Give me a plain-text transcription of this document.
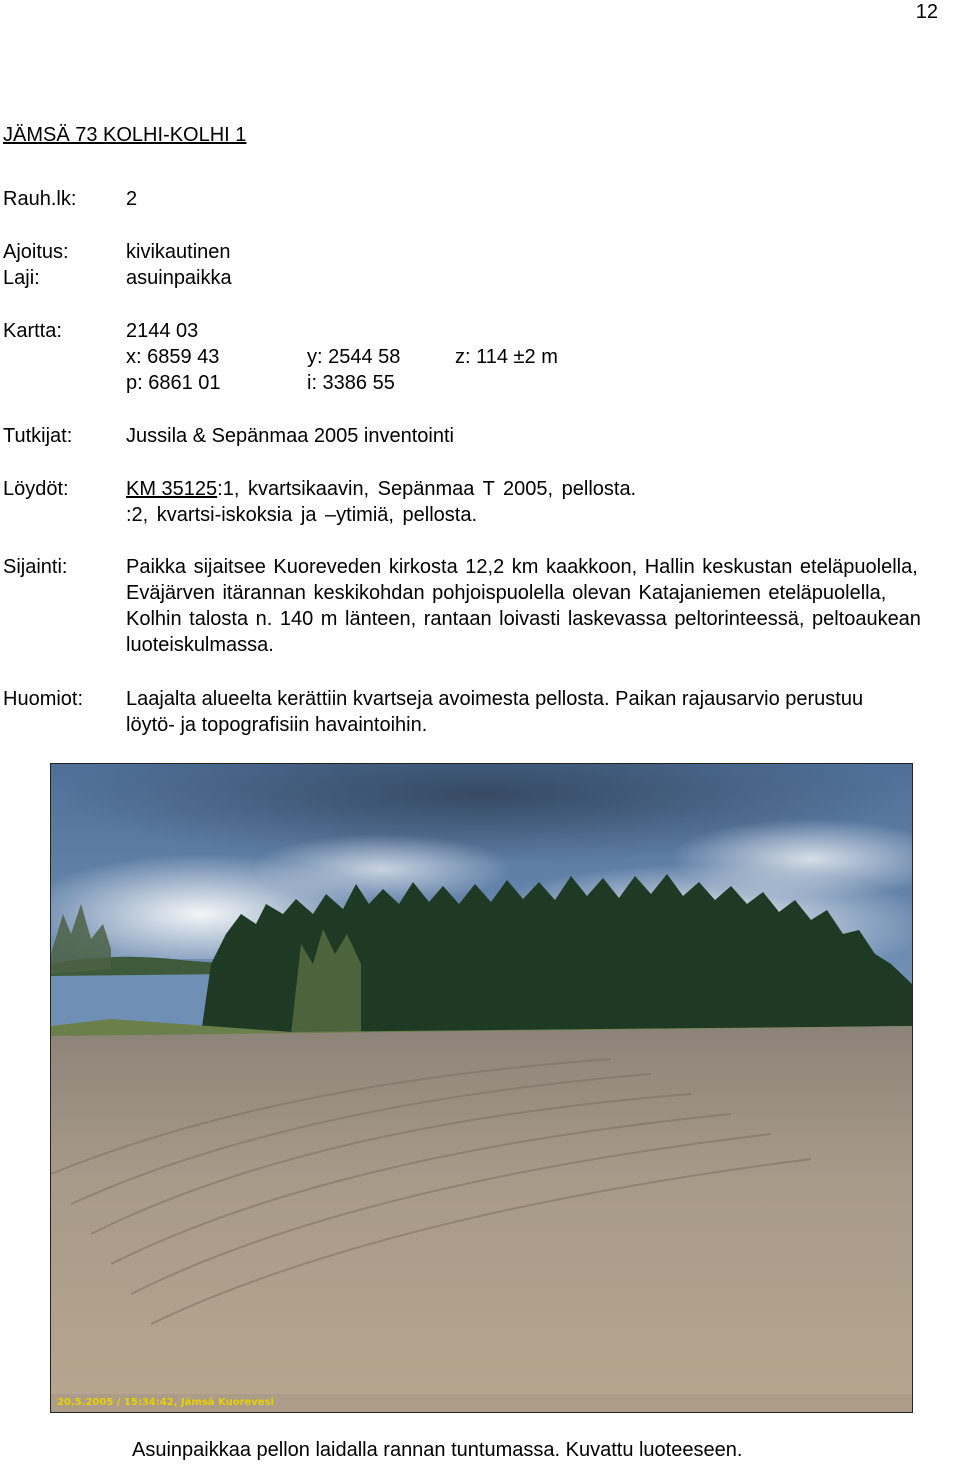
12
JÄMSÄ 73 KOLHI-KOLHI 1
Rauh.lk: 2
Ajoitus:	kivikautinen
Laji:	asuinpaikka
Kartta:	2144 03
x: 6859 43	y: 2544 58	z: 114 ±2 m
p: 6861 01	i: 3386 55
Tutkijat:	Jussila & Sepänmaa 2005 inventointi
Löydöt:	KM 35125:1, kvartsikaavin, Sepänmaa T 2005, pellosta.
:2, kvartsi-iskoksia ja –ytimiä, pellosta.
Sijainti:	Paikka sijaitsee Kuoreveden kirkosta 12,2 km kaakkoon, Hallin keskustan eteläpuolella, Eväjärven itärannan keskikohdan pohjoispuolella olevan Katajaniemen eteläpuolella, Kolhin talosta n. 140 m länteen, rantaan loivasti laskevassa peltorinteessä, peltoaukean luoteiskulmassa.
Huomiot: Laajalta alueelta kerättiin kvartseja avoimesta pellosta. Paikan rajausarvio perustuu löytö- ja topografisiin havaintoihin.
20.5.2005 / 15:34:42, Jämsä Kuorevesi
Asuinpaikkaa pellon laidalla rannan tuntumassa. Kuvattu luoteeseen.
